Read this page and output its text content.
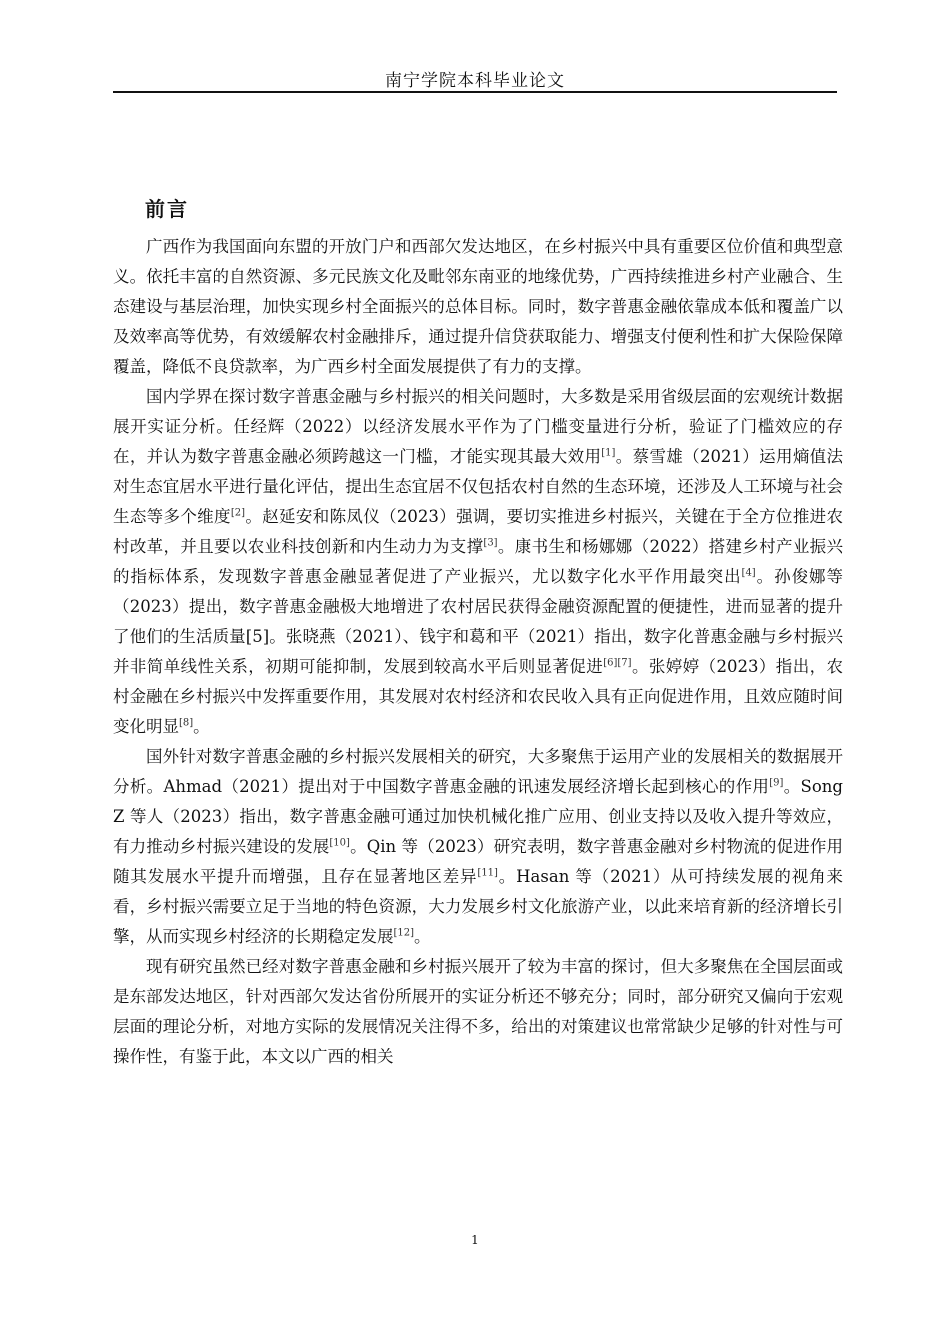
南宁学院本科毕业论文
前言

广西作为我国面向东盟的开放门户和西部欠发达地区，在乡村振兴中具有重要区位价值和典型意义。依托丰富的自然资源、多元民族文化及毗邻东南亚的地缘优势，广西持续推进乡村产业融合、生态建设与基层治理，加快实现乡村全面振兴的总体目标。同时，数字普惠金融依靠成本低和覆盖广以及效率高等优势，有效缓解农村金融排斥，通过提升信贷获取能力、增强支付便利性和扩大保险保障覆盖，降低不良贷款率，为广西乡村全面发展提供了有力的支撑。

国内学界在探讨数字普惠金融与乡村振兴的相关问题时，大多数是采用省级层面的宏观统计数据展开实证分析。任经辉（2022）以经济发展水平作为了门槛变量进行分析，验证了门槛效应的存在，并认为数字普惠金融必须跨越这一门槛，才能实现其最大效用[1]。蔡雪雄（2021）运用熵值法对生态宜居水平进行量化评估，提出生态宜居不仅包括农村自然的生态环境，还涉及人工环境与社会生态等多个维度[2]。赵延安和陈凤仪（2023）强调，要切实推进乡村振兴，关键在于全方位推进农村改革，并且要以农业科技创新和内生动力为支撑[3]。康书生和杨娜娜（2022）搭建乡村产业振兴的指标体系，发现数字普惠金融显著促进了产业振兴，尤以数字化水平作用最突出[4]。孙俊娜等（2023）提出，数字普惠金融极大地增进了农村居民获得金融资源配置的便捷性，进而显著的提升了他们的生活质量[5]。张晓燕（2021）、钱宇和葛和平（2021）指出，数字化普惠金融与乡村振兴并非简单线性关系，初期可能抑制，发展到较高水平后则显著促进[6][7]。张婷婷（2023）指出，农村金融在乡村振兴中发挥重要作用，其发展对农村经济和农民收入具有正向促进作用，且效应随时间变化明显[8]。

国外针对数字普惠金融的乡村振兴发展相关的研究，大多聚焦于运用产业的发展相关的数据展开分析。Ahmad（2021）提出对于中国数字普惠金融的讯速发展经济增长起到核心的作用[9]。Song Z 等人（2023）指出，数字普惠金融可通过加快机械化推广应用、创业支持以及收入提升等效应，有力推动乡村振兴建设的发展[10]。Qin 等（2023）研究表明，数字普惠金融对乡村物流的促进作用随其发展水平提升而增强，且存在显著地区差异[11]。Hasan 等（2021）从可持续发展的视角来看，乡村振兴需要立足于当地的特色资源，大力发展乡村文化旅游产业，以此来培育新的经济增长引擎，从而实现乡村经济的长期稳定发展[12]。

现有研究虽然已经对数字普惠金融和乡村振兴展开了较为丰富的探讨，但大多聚焦在全国层面或是东部发达地区，针对西部欠发达省份所展开的实证分析还不够充分；同时，部分研究又偏向于宏观层面的理论分析，对地方实际的发展情况关注得不多，给出的对策建议也常常缺少足够的针对性与可操作性，有鉴于此，本文以广西的相关

1
